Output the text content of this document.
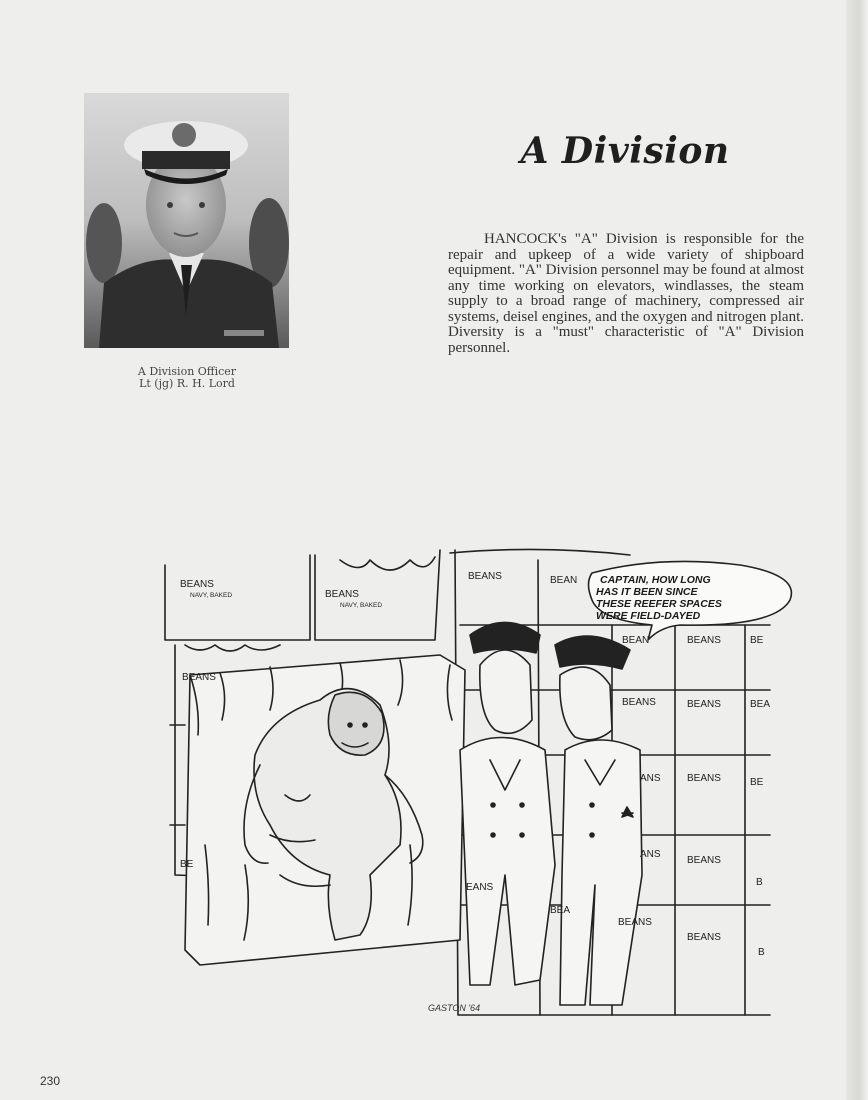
A Division Officer
Lt (jg) R. H. Lord
A Division
HANCOCK's "A" Division is responsible for the repair and upkeep of a wide variety of shipboard equipment. "A" Division personnel may be found at almost any time working on elevators, windlasses, the steam supply to a broad range of machinery, compressed air systems, deisel engines, and the oxygen and nitrogen plant. Diversity is a "must" characteristic of "A" Division personnel.
BEANS
NAVY, BAKED	BEANS
NAVY, BAKED
BEANS	BEAN
BEANS
BEAN	BEANS	BE
BEANS	BEANS	BEA
ANS	BEANS	BE
ANS
BEANS
B
EANS
BEA
BEANS
BEANS
B
BE
CAPTAIN, HOW LONG
HAS IT BEEN SINCE
THESE REEFER SPACES
WERE FIELD-DAYED
GASTON '64
230
